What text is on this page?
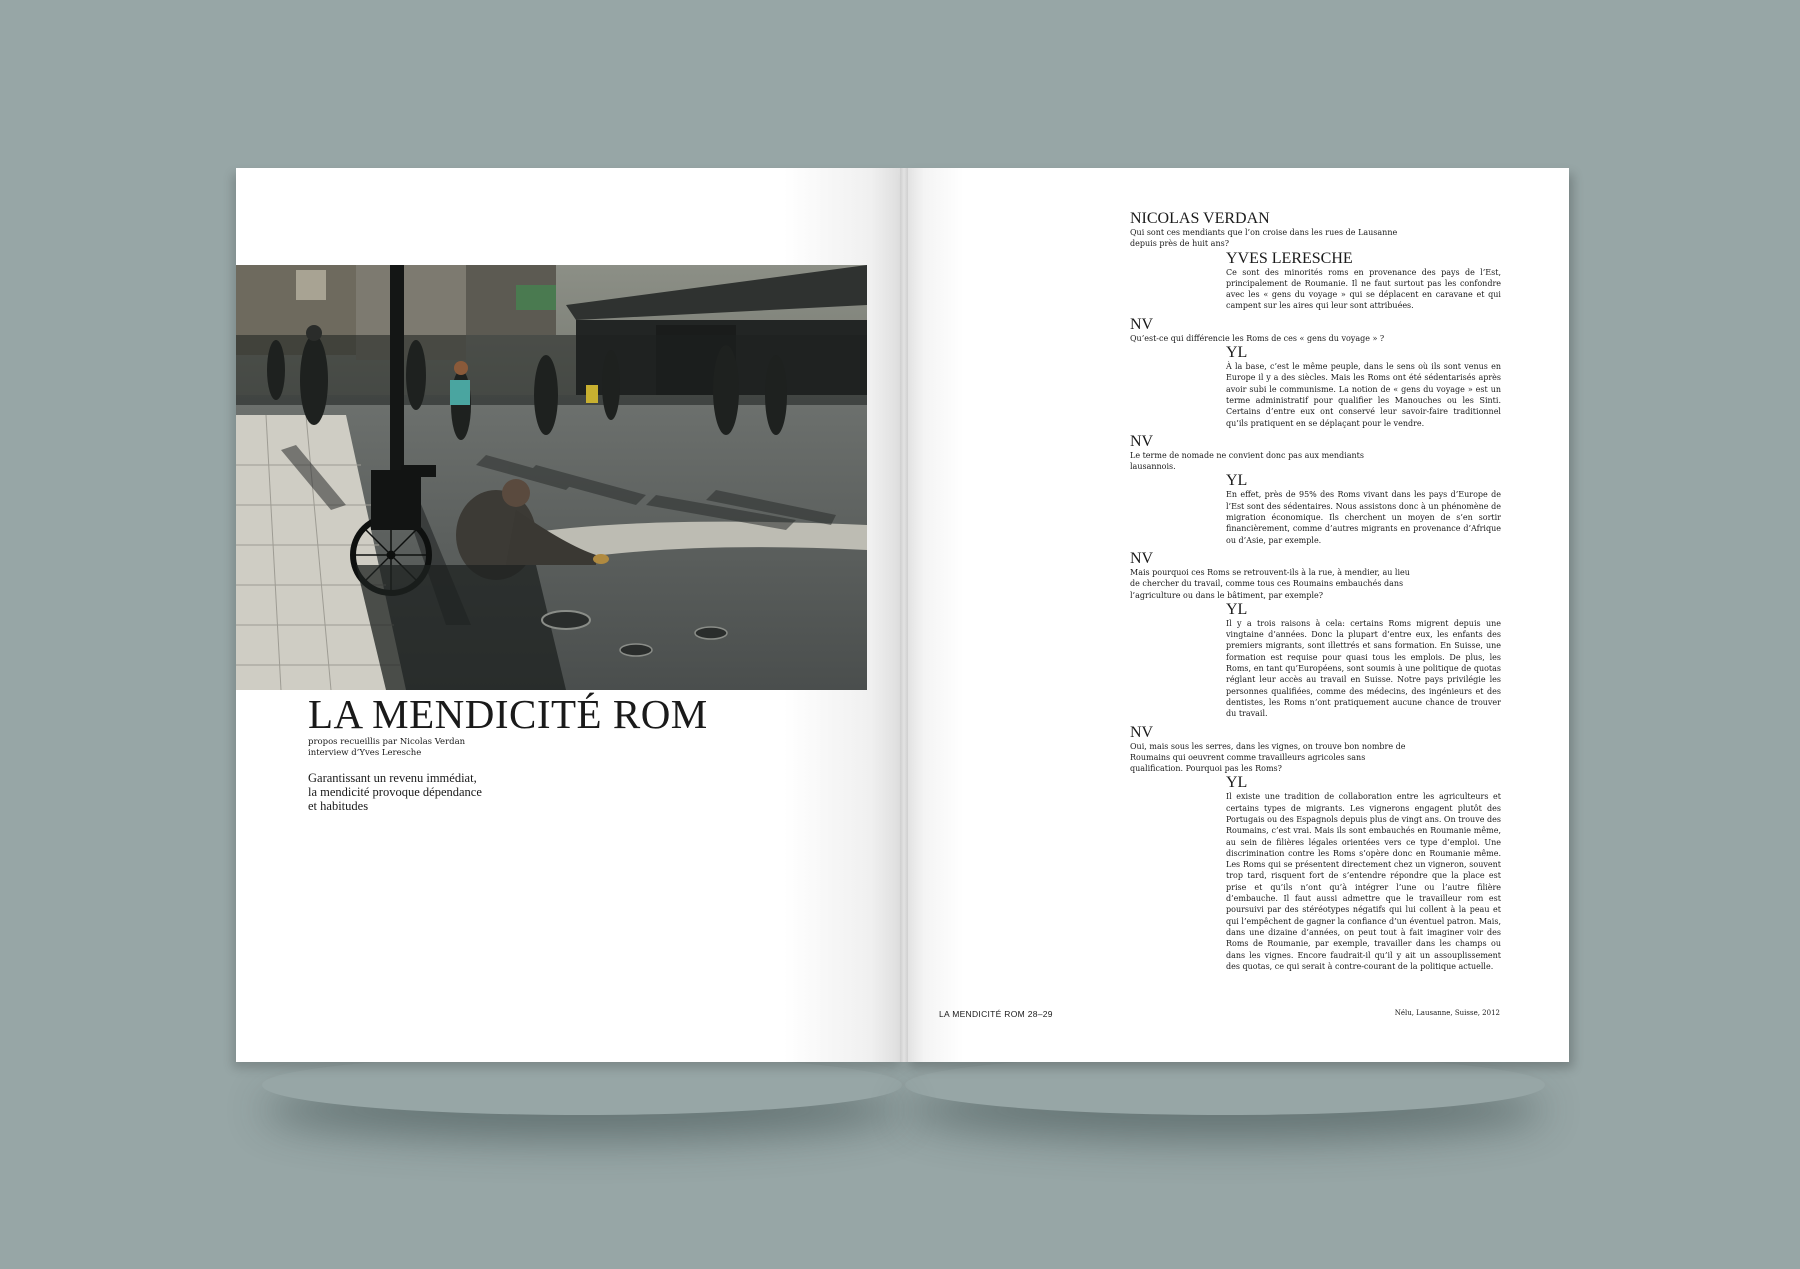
LA MENDICITÉ ROM
propos recueillis par Nicolas Verdan
interview d’Yves Leresche
Garantissant un revenu immédiat,
la mendicité provoque dépendance
et habitudes

NICOLAS VERDAN

Qui sont ces mendiants que l’on croise dans les rues de Lausanne depuis près de huit ans?

YVES LERESCHE

Ce sont des minorités roms en provenance des pays de l’Est, principalement de Roumanie. Il ne faut surtout pas les confondre avec les « gens du voyage » qui se déplacent en caravane et qui campent sur les aires qui leur sont attribuées.

NV

Qu’est-ce qui différencie les Roms de ces « gens du voyage » ?

YL

À la base, c’est le même peuple, dans le sens où ils sont venus en Europe il y a des siècles. Mais les Roms ont été sédentarisés après avoir subi le communisme. La notion de « gens du voyage » est un terme administratif pour qualifier les Manouches ou les Sinti. Certains d’entre eux ont conservé leur savoir-faire traditionnel qu’ils pratiquent en se déplaçant pour le vendre.

NV

Le terme de nomade ne convient donc pas aux mendiants lausannois.

YL

En effet, près de 95% des Roms vivant dans les pays d’Europe de l’Est sont des sédentaires. Nous assistons donc à un phénomène de migration économique. Ils cherchent un moyen de s’en sortir financièrement, comme d’autres migrants en provenance d’Afrique ou d’Asie, par exemple.

NV

Mais pourquoi ces Roms se retrouvent-ils à la rue, à mendier, au lieu de chercher du travail, comme tous ces Roumains embauchés dans l’agriculture ou dans le bâtiment, par exemple?

YL

Il y a trois raisons à cela: certains Roms migrent depuis une vingtaine d’années. Donc la plupart d’entre eux, les enfants des premiers migrants, sont illettrés et sans formation. En Suisse, une formation est requise pour quasi tous les emplois. De plus, les Roms, en tant qu’Européens, sont soumis à une politique de quotas réglant leur accès au travail en Suisse. Notre pays privilégie les personnes qualifiées, comme des médecins, des ingénieurs et des dentistes, les Roms n’ont pratiquement aucune chance de trouver du travail.

NV

Oui, mais sous les serres, dans les vignes, on trouve bon nombre de Roumains qui oeuvrent comme travailleurs agricoles sans qualification. Pourquoi pas les Roms?

YL

Il existe une tradition de collaboration entre les agriculteurs et certains types de migrants. Les vignerons engagent plutôt des Portugais ou des Espagnols depuis plus de vingt ans. On trouve des Roumains, c’est vrai. Mais ils sont embauchés en Roumanie même, au sein de filières légales orientées vers ce type d’emploi. Une discrimination contre les Roms s’opère donc en Roumanie même. Les Roms qui se présentent directement chez un vigneron, souvent trop tard, risquent fort de s’entendre répondre que la place est prise et qu’ils n’ont qu’à intégrer l’une ou l’autre filière d’embauche. Il faut aussi admettre que le travailleur rom est poursuivi par des stéréotypes négatifs qui lui collent à la peau et qui l’empêchent de gagner la confiance d’un éventuel patron. Mais, dans une dizaine d’années, on peut tout à fait imaginer voir des Roms de Roumanie, par exemple, travailler dans les champs ou dans les vignes. Encore faudrait-il qu’il y ait un assouplissement des quotas, ce qui serait à contre-courant de la politique actuelle.

LA MENDICITÉ ROM 28–29	Nélu, Lausanne, Suisse, 2012
